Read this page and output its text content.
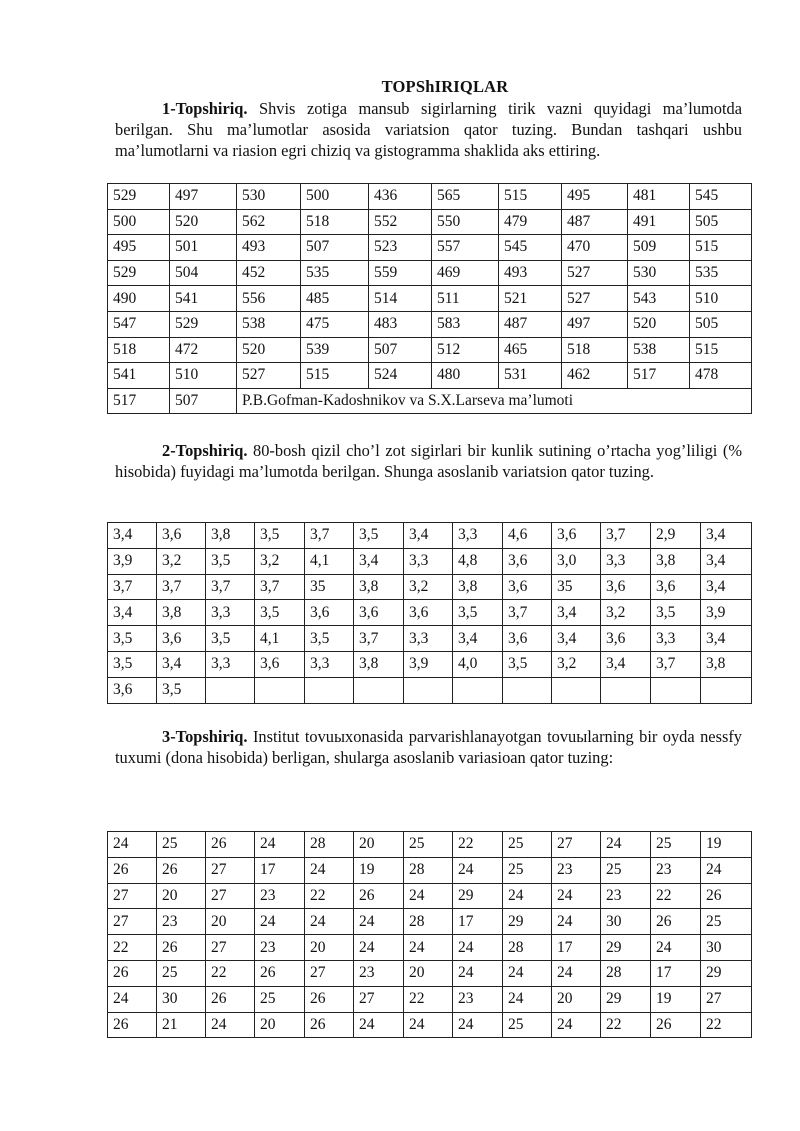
TOPShIRIQLAR
1-Topshiriq. Shvis zotiga mansub sigirlarning tirik vazni quyidagi ma’lumotda berilgan. Shu ma’lumotlar asosida variatsion qator tuzing. Bundan tashqari ushbu ma’lumotlarni va riasion egri chiziq va gistogramma shaklida aks ettiring.
529	497	530	500	436	565	515	495	481	545
500	520	562	518	552	550	479	487	491	505
495	501	493	507	523	557	545	470	509	515
529	504	452	535	559	469	493	527	530	535
490	541	556	485	514	511	521	527	543	510
547	529	538	475	483	583	487	497	520	505
518	472	520	539	507	512	465	518	538	515
541	510	527	515	524	480	531	462	517	478
517	507	P.B.Gofman-Kadoshnikov va S.X.Larseva ma’lumoti							
2-Topshiriq. 80-bosh qizil cho’l zot sigirlari bir kunlik sutining o’rtacha yog’liligi (% hisobida) fuyidagi ma’lumotda berilgan. Shunga asoslanib variatsion qator tuzing.
3,4	3,6	3,8	3,5	3,7	3,5	3,4	3,3	4,6	3,6	3,7	2,9	3,4
3,9	3,2	3,5	3,2	4,1	3,4	3,3	4,8	3,6	3,0	3,3	3,8	3,4
3,7	3,7	3,7	3,7	35	3,8	3,2	3,8	3,6	35	3,6	3,6	3,4
3,4	3,8	3,3	3,5	3,6	3,6	3,6	3,5	3,7	3,4	3,2	3,5	3,9
3,5	3,6	3,5	4,1	3,5	3,7	3,3	3,4	3,6	3,4	3,6	3,3	3,4
3,5	3,4	3,3	3,6	3,3	3,8	3,9	4,0	3,5	3,2	3,4	3,7	3,8
3,6	3,5											
3-Topshiriq. Institut tovuыxonasida parvarishlanayotgan tovuыlarning bir oyda nessfy tuxumi (dona hisobida) berligan, shularga asoslanib variasioan qator tuzing:
24	25	26	24	28	20	25	22	25	27	24	25	19
26	26	27	17	24	19	28	24	25	23	25	23	24
27	20	27	23	22	26	24	29	24	24	23	22	26
27	23	20	24	24	24	28	17	29	24	30	26	25
22	26	27	23	20	24	24	24	28	17	29	24	30
26	25	22	26	27	23	20	24	24	24	28	17	29
24	30	26	25	26	27	22	23	24	20	29	19	27
26	21	24	20	26	24	24	24	25	24	22	26	22
